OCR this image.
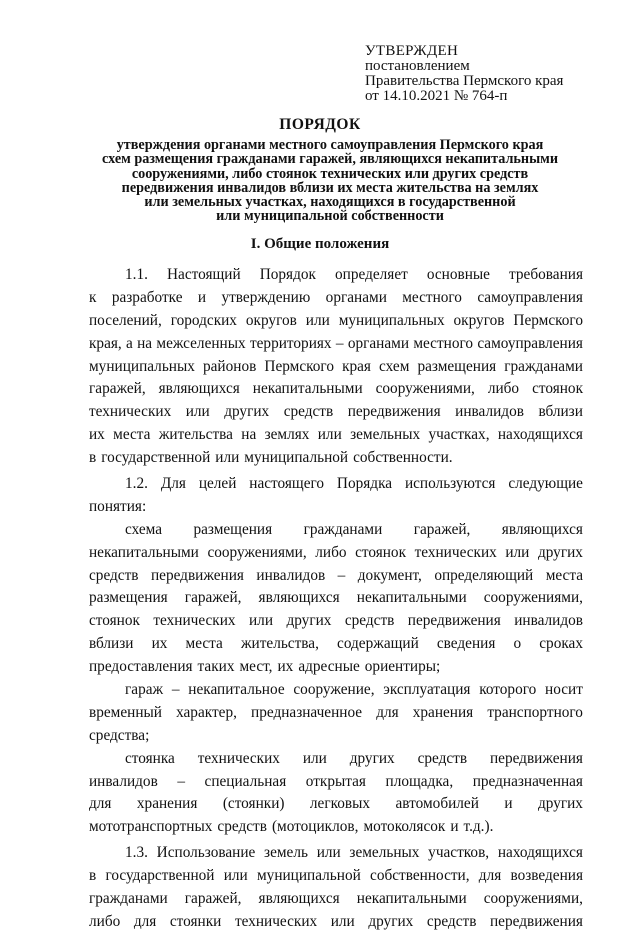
УТВЕРЖДЕН
постановлением
Правительства Пермского края
от 14.10.2021 № 764-п
ПОРЯДОК
утверждения органами местного самоуправления Пермского края
схем размещения гражданами гаражей, являющихся некапитальными
сооружениями, либо стоянок технических или других средств
передвижения инвалидов вблизи их места жительства на землях
или земельных участках, находящихся в государственной
или муниципальной собственности
I. Общие положения
1.1. Настоящий Порядок определяет основные требования
к разработке и утверждению органами местного самоуправления
поселений, городских округов или муниципальных округов Пермского
края, а на межселенных территориях – органами местного самоуправления
муниципальных районов Пермского края схем размещения гражданами
гаражей, являющихся некапитальными сооружениями, либо стоянок
технических или других средств передвижения инвалидов вблизи
их места жительства на землях или земельных участках, находящихся
в государственной или муниципальной собственности.
1.2. Для целей настоящего Порядка используются следующие
понятия:
схема размещения гражданами гаражей, являющихся
некапитальными сооружениями, либо стоянок технических или других
средств передвижения инвалидов – документ, определяющий места
размещения гаражей, являющихся некапитальными сооружениями,
стоянок технических или других средств передвижения инвалидов
вблизи их места жительства, содержащий сведения о сроках
предоставления таких мест, их адресные ориентиры;
гараж – некапитальное сооружение, эксплуатация которого носит
временный характер, предназначенное для хранения транспортного
средства;
стоянка технических или других средств передвижения
инвалидов – специальная открытая площадка, предназначенная
для хранения (стоянки) легковых автомобилей и других
мототранспортных средств (мотоциклов, мотоколясок и т.д.).
1.3. Использование земель или земельных участков, находящихся
в государственной или муниципальной собственности, для возведения
гражданами гаражей, являющихся некапитальными сооружениями,
либо для стоянки технических или других средств передвижения
